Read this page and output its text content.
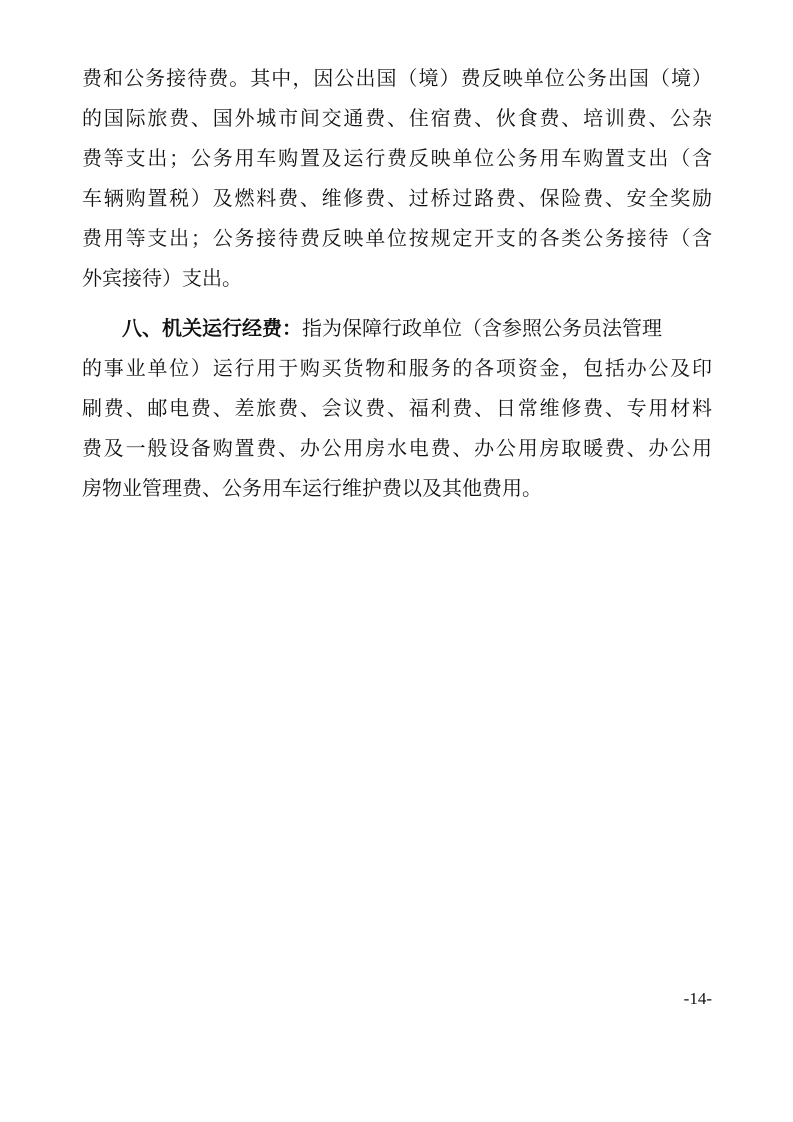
费和公务接待费。其中，因公出国（境）费反映单位公务出国（境）
的国际旅费、国外城市间交通费、住宿费、伙食费、培训费、公杂
费等支出；公务用车购置及运行费反映单位公务用车购置支出（含
车辆购置税）及燃料费、维修费、过桥过路费、保险费、安全奖励
费用等支出；公务接待费反映单位按规定开支的各类公务接待（含
外宾接待）支出。
八、机关运行经费：指为保障行政单位（含参照公务员法管理
的事业单位）运行用于购买货物和服务的各项资金，包括办公及印
刷费、邮电费、差旅费、会议费、福利费、日常维修费、专用材料
费及一般设备购置费、办公用房水电费、办公用房取暖费、办公用
房物业管理费、公务用车运行维护费以及其他费用。
-14-
